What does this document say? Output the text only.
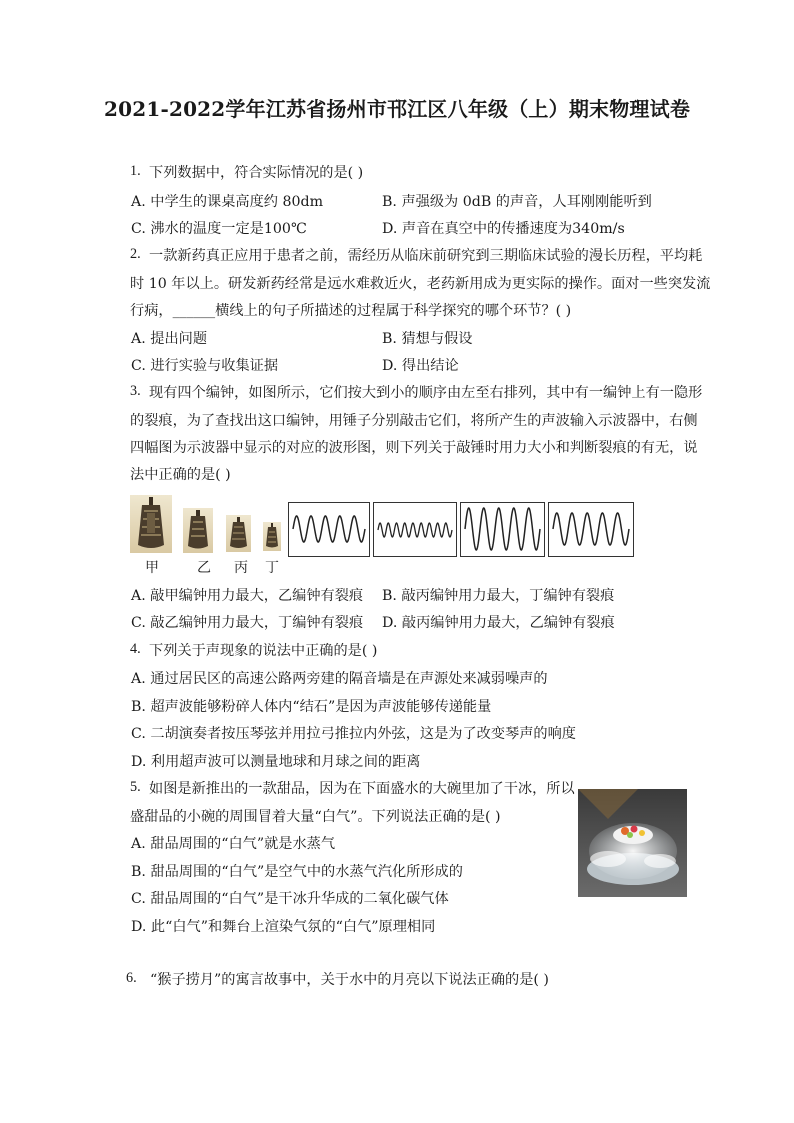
2021-2022学年江苏省扬州市邗江区八年级（上）期末物理试卷
1. 下列数据中，符合实际情况的是( )
A. 中学生的课桌高度约 80dm	B. 声强级为 0dB 的声音，人耳刚刚能听到
C. 沸水的温度一定是100℃	D. 声音在真空中的传播速度为340m/s
2. 一款新药真正应用于患者之前，需经历从临床前研究到三期临床试验的漫长历程，平均耗
时 10 年以上。研发新药经常是远水难救近火，老药新用成为更实际的操作。面对一些突发流
行病，______横线上的句子所描述的过程属于科学探究的哪个环节？( )
A. 提出问题	B. 猜想与假设
C. 进行实验与收集证据	D. 得出结论
3. 现有四个编钟，如图所示，它们按大到小的顺序由左至右排列，其中有一编钟上有一隐形
的裂痕，为了查找出这口编钟，用锤子分别敲击它们，将所产生的声波输入示波器中，右侧
四幅图为示波器中显示的对应的波形图，则下列关于敲锤时用力大小和判断裂痕的有无，说
法中正确的是( )
甲	乙 丙 丁
A. 敲甲编钟用力最大，乙编钟有裂痕 B. 敲丙编钟用力最大，丁编钟有裂痕
C. 敲乙编钟用力最大，丁编钟有裂痕 D. 敲丙编钟用力最大，乙编钟有裂痕
4. 下列关于声现象的说法中正确的是( )
A. 通过居民区的高速公路两旁建的隔音墙是在声源处来减弱噪声的
B. 超声波能够粉碎人体内“结石”是因为声波能够传递能量
C. 二胡演奏者按压琴弦并用拉弓推拉内外弦，这是为了改变琴声的响度
D. 利用超声波可以测量地球和月球之间的距离
5. 如图是新推出的一款甜品，因为在下面盛水的大碗里加了干冰，所以
盛甜品的小碗的周围冒着大量“白气”。下列说法正确的是( )
A. 甜品周围的“白气”就是水蒸气
B. 甜品周围的“白气”是空气中的水蒸气汽化所形成的
C. 甜品周围的“白气”是干冰升华成的二氧化碳气体
D. 此“白气”和舞台上渲染气氛的“白气”原理相同
6. “猴子捞月”的寓言故事中，关于水中的月亮以下说法正确的是( )
